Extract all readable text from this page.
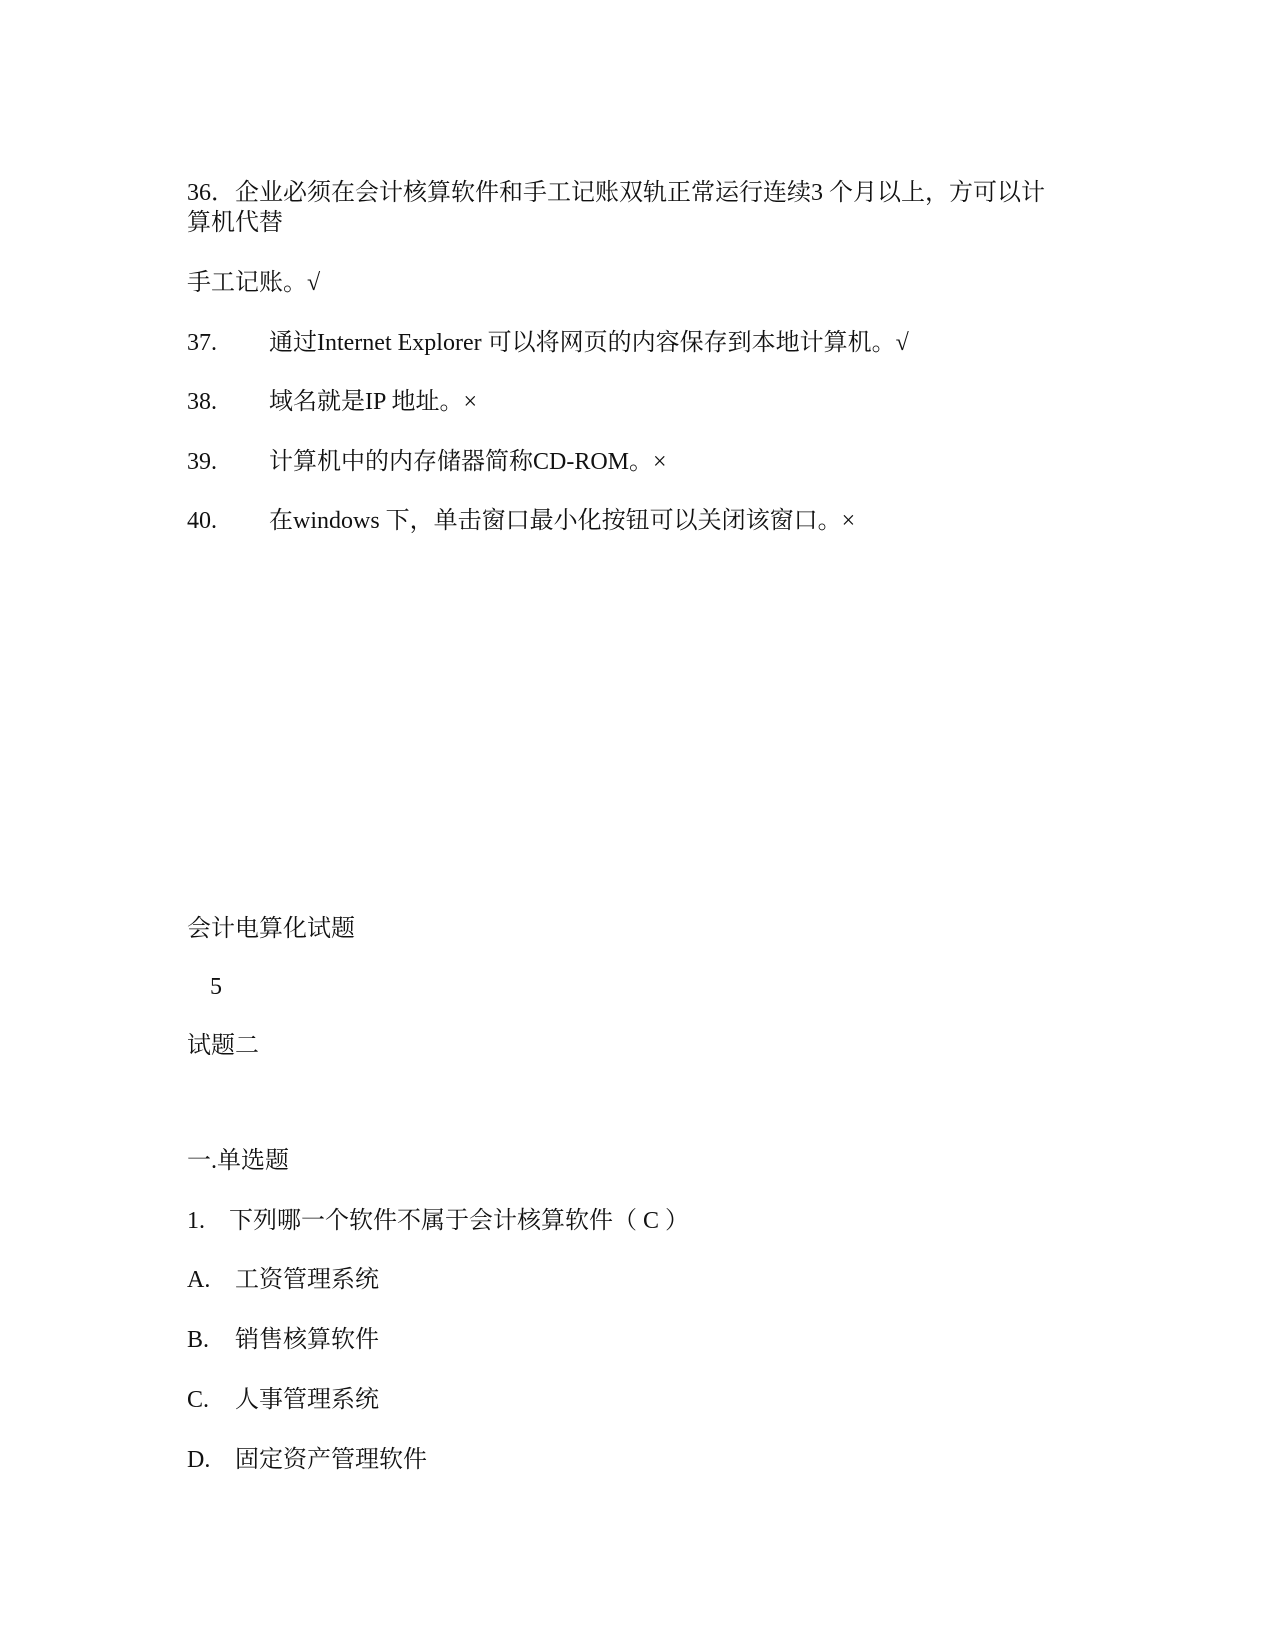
36．企业必须在会计核算软件和手工记账双轨正常运行连续3 个月以上，方可以计
算机代替
手工记账。√
37. 通过Internet Explorer 可以将网页的内容保存到本地计算机。√
38. 域名就是IP 地址。×
39. 计算机中的内存储器简称CD-ROM。×
40. 在windows 下，单击窗口最小化按钮可以关闭该窗口。×
会计电算化试题
5
试题二
一.单选题
1. 下列哪一个软件不属于会计核算软件（ C ）
A. 工资管理系统
B. 销售核算软件
C. 人事管理系统
D. 固定资产管理软件
